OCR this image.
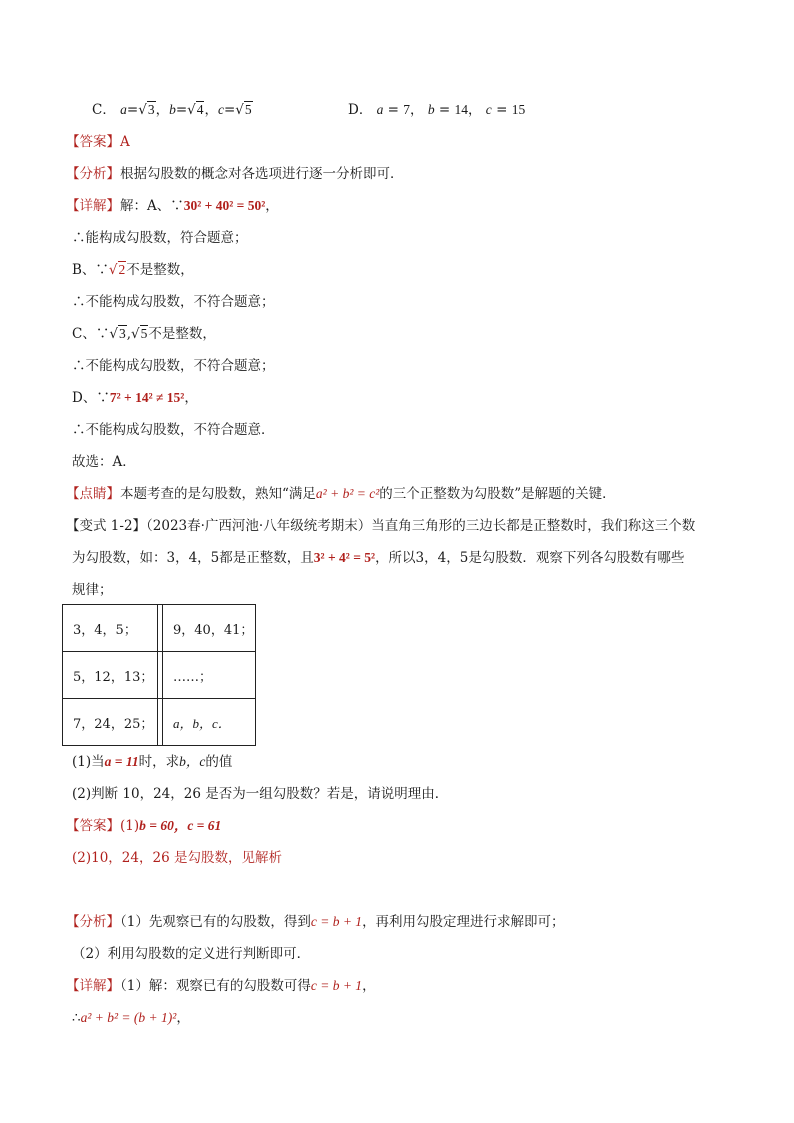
C． a=√3，b=√4，c=√5	D． a = 7， b = 14， c = 15
【答案】A
【分析】根据勾股数的概念对各选项进行逐一分析即可．
【详解】解：A、∵30² + 40² = 50²，
∴能构成勾股数，符合题意；
B、∵√2不是整数，
∴不能构成勾股数，不符合题意；
C、∵√3,√5不是整数，
∴不能构成勾股数，不符合题意；
D、∵7² + 14² ≠ 15²，
∴不能构成勾股数，不符合题意．
故选：A．
【点睛】本题考查的是勾股数，熟知“满足a² + b² = c²的三个正整数为勾股数”是解题的关键．
【变式 1-2】（2023春·广西河池·八年级统考期末）当直角三角形的三边长都是正整数时，我们称这三个数
为勾股数，如：3，4，5都是正整数，且3² + 4² = 5²，所以3，4，5是勾股数．观察下列各勾股数有哪些
规律；
3，4，5；		9，40，41；
5，12，13；		……；
7，24，25；		a，b，c．
(1)当a = 11时，求b，c的值
(2)判断 10，24，26 是否为一组勾股数？若是，请说明理由．
【答案】(1)b = 60，c = 61
(2)10，24，26 是勾股数，见解析
【分析】（1）先观察已有的勾股数，得到c = b + 1，再利用勾股定理进行求解即可；
（2）利用勾股数的定义进行判断即可．
【详解】（1）解：观察已有的勾股数可得c = b + 1，
∴a² + b² = (b + 1)²，
